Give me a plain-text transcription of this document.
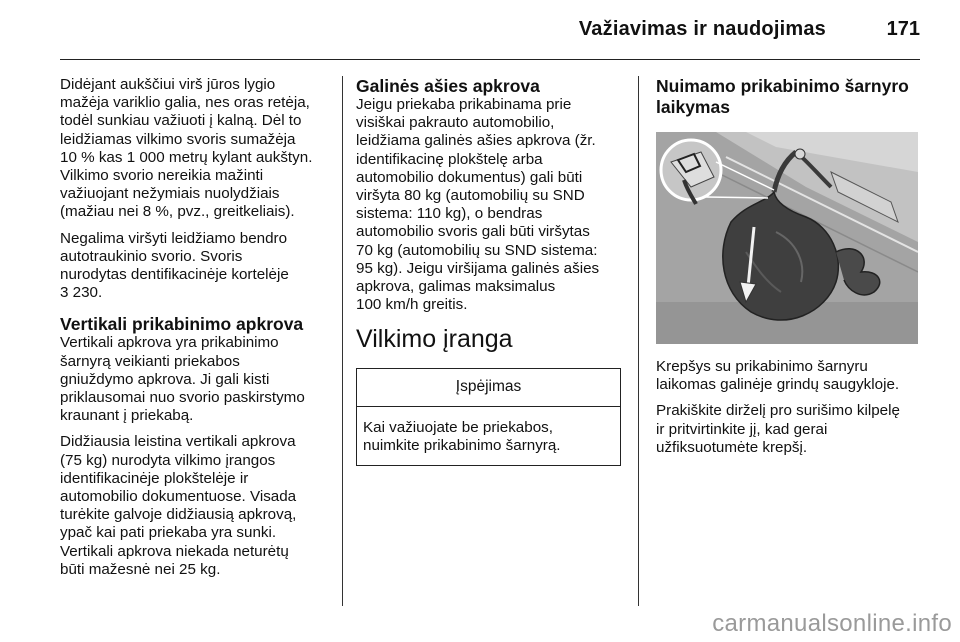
Važiavimas ir naudojimas	171

Didėjant aukščiui virš jūros lygio
mažėja variklio galia, nes oras retėja,
todėl sunkiau važiuoti į kalną. Dėl to
leidžiamas vilkimo svoris sumažėja
10 % kas 1 000 metrų kylant aukštyn.
Vilkimo svorio nereikia mažinti
važiuojant nežymiais nuolydžiais
(mažiau nei 8 %, pvz., greitkeliais).

Negalima viršyti leidžiamo bendro
autotraukinio svorio. Svoris
nurodytas dentifikacinėje kortelėje
3 230.

Vertikali prikabinimo apkrova

Vertikali apkrova yra prikabinimo
šarnyrą veikianti priekabos
gniuždymo apkrova. Ji gali kisti
priklausomai nuo svorio paskirstymo
kraunant į priekabą.

Didžiausia leistina vertikali apkrova
(75 kg) nurodyta vilkimo įrangos
identifikacinėje plokštelėje ir
automobilio dokumentuose. Visada
turėkite galvoje didžiausią apkrovą,
ypač kai pati priekaba yra sunki.
Vertikali apkrova niekada neturėtų
būti mažesnė nei 25 kg.

Galinės ašies apkrova

Jeigu priekaba prikabinama prie
visiškai pakrauto automobilio,
leidžiama galinės ašies apkrova (žr.
identifikacinę plokštelę arba
automobilio dokumentus) gali būti
viršyta 80 kg (automobilių su SND
sistema: 110 kg), o bendras
automobilio svoris gali būti viršytas
70 kg (automobilių su SND sistema:
95 kg). Jeigu viršijama galinės ašies
apkrova, galimas maksimalus
100 km/h greitis.

Vilkimo įranga
Įspėjimas
Kai važiuojate be priekabos,
nuimkite prikabinimo šarnyrą.
Nuimamo prikabinimo šarnyro
laikymas

Krepšys su prikabinimo šarnyru
laikomas galinėje grindų saugykloje.

Prakiškite dirželį pro surišimo kilpelę
ir pritvirtinkite jį, kad gerai
užfiksuotumėte krepšį.

carmanualsonline.info
